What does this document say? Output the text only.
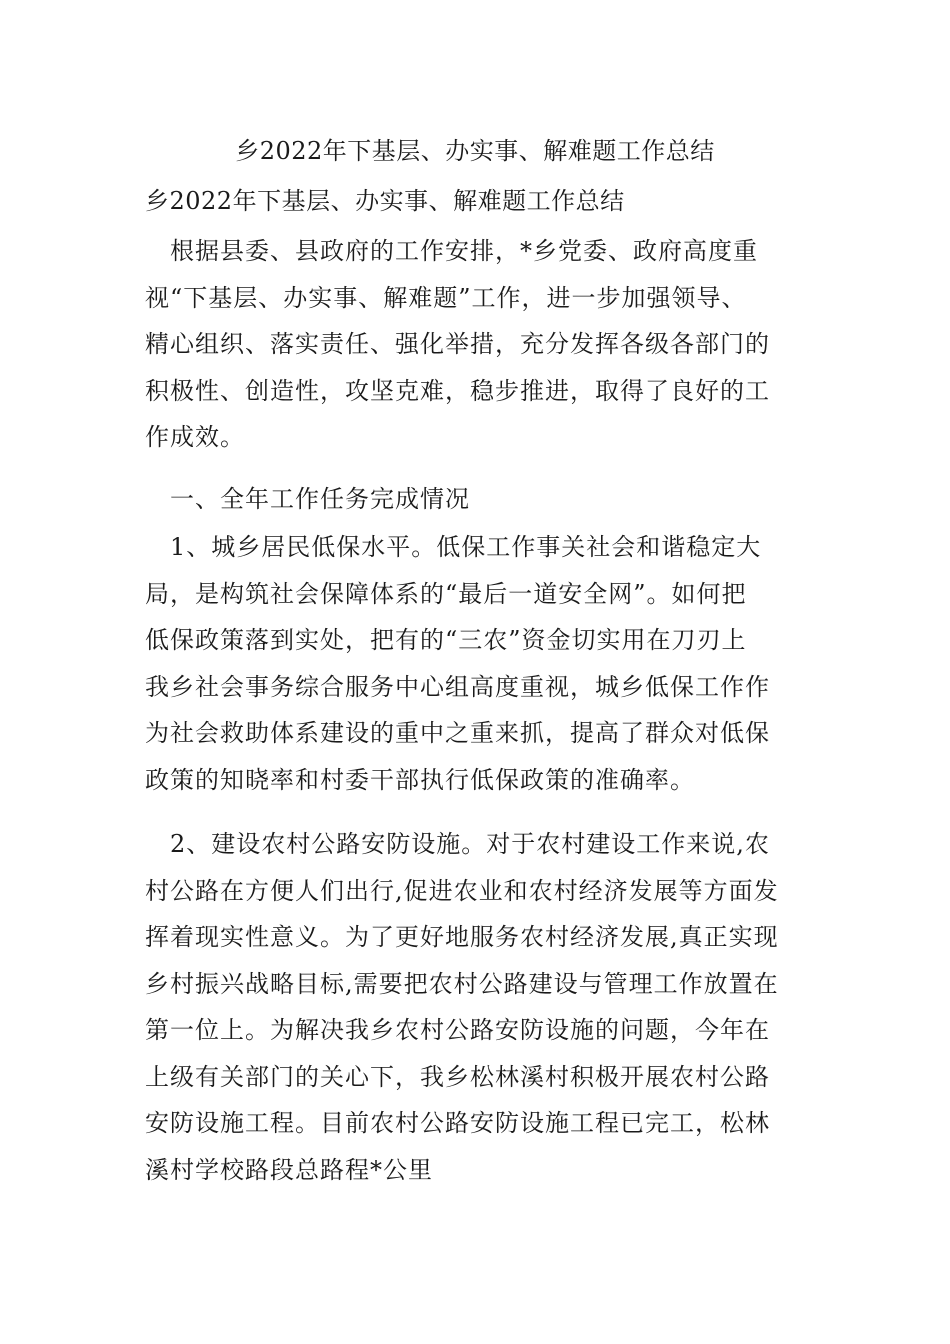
乡2022年下基层、办实事、解难题工作总结

乡2022年下基层、办实事、解难题工作总结

　根据县委、县政府的工作安排，*乡党委、政府高度重
视“下基层、办实事、解难题”工作，进一步加强领导、
精心组织、落实责任、强化举措，充分发挥各级各部门的
积极性、创造性，攻坚克难，稳步推进，取得了良好的工
作成效。

　一、全年工作任务完成情况

　1、城乡居民低保水平。低保工作事关社会和谐稳定大
局，是构筑社会保障体系的“最后一道安全网”。如何把
低保政策落到实处，把有的“三农”资金切实用在刀刃上
我乡社会事务综合服务中心组高度重视，城乡低保工作作
为社会救助体系建设的重中之重来抓，提高了群众对低保
政策的知晓率和村委干部执行低保政策的准确率。

　2、建设农村公路安防设施。对于农村建设工作来说,农
村公路在方便人们出行,促进农业和农村经济发展等方面发
挥着现实性意义。为了更好地服务农村经济发展,真正实现
乡村振兴战略目标,需要把农村公路建设与管理工作放置在
第一位上。为解决我乡农村公路安防设施的问题，今年在
上级有关部门的关心下，我乡松林溪村积极开展农村公路
安防设施工程。目前农村公路安防设施工程已完工，松林
溪村学校路段总路程*公里
